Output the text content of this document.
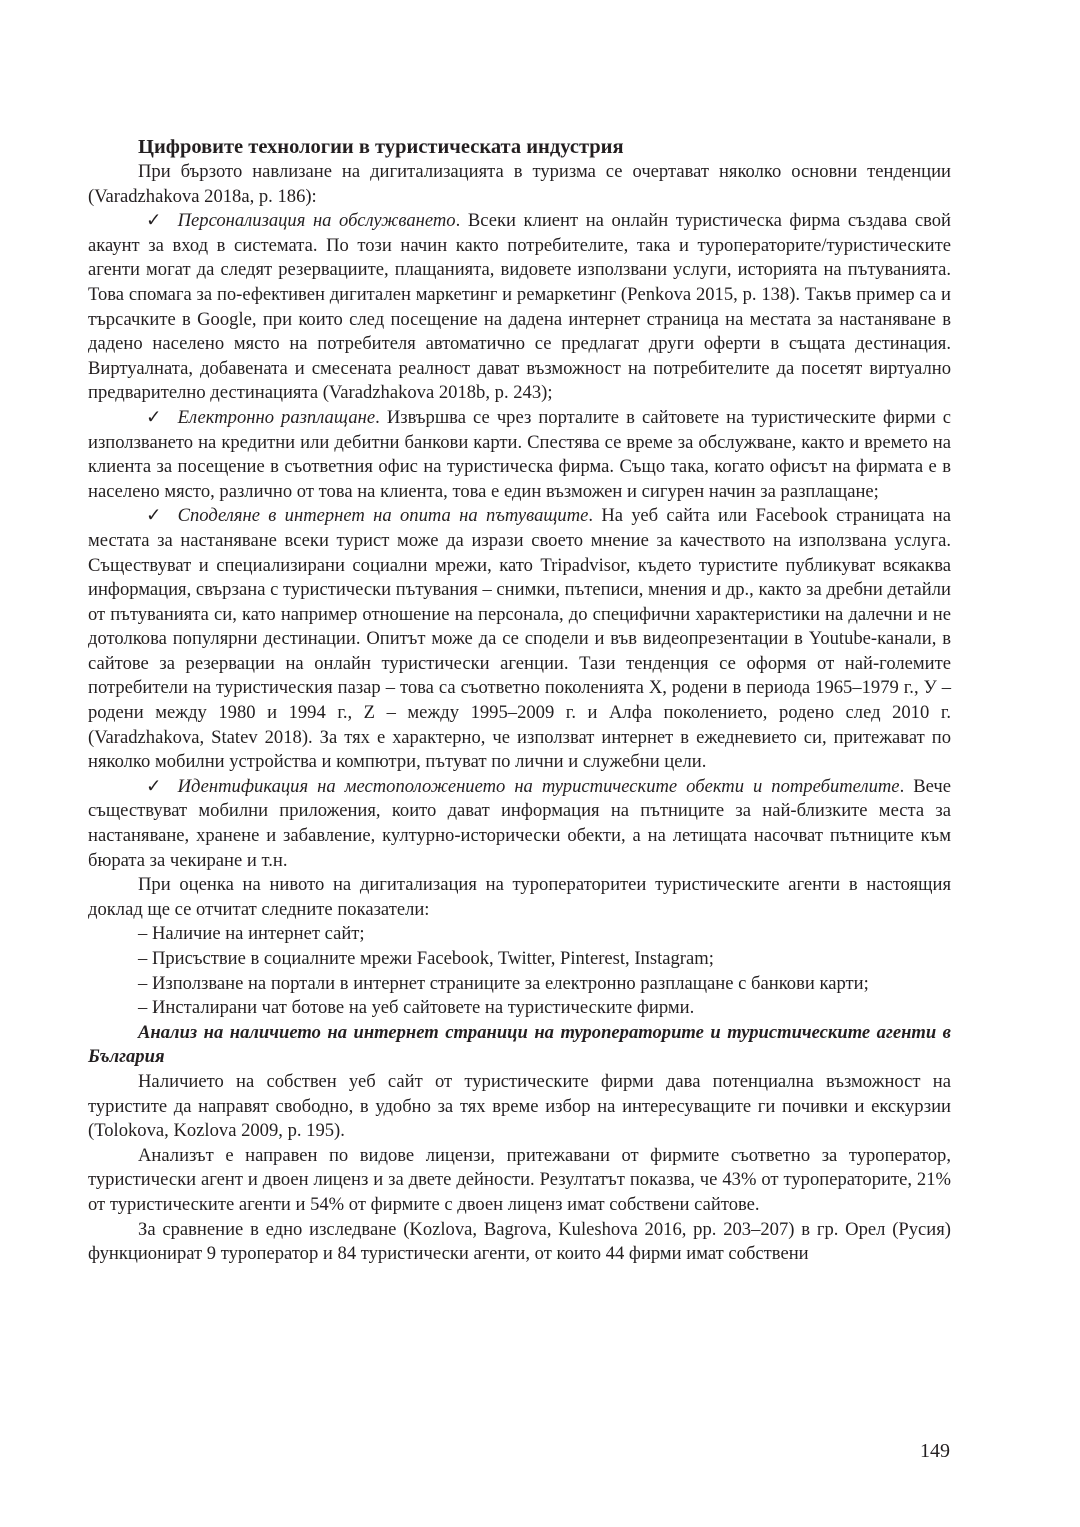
Цифровите технологии в туристическата индустрия

При бързото навлизане на дигитализацията в туризма се очертават няколко основни тенденции (Varadzhakova 2018a, p. 186):

✓ Персонализация на обслужването. Всеки клиент на онлайн туристическа фирма създава свой акаунт за вход в системата. По този начин както потребителите, така и туроператорите/туристическите агенти могат да следят резервациите, плащанията, видовете използвани услуги, историята на пътуванията. Това спомага за по-ефективен дигитален маркетинг и ремаркетинг (Penkova 2015, p. 138). Такъв пример са и търсачките в Google, при които след посещение на дадена интернет страница на местата за настаняване в дадено населено място на потребителя автоматично се предлагат други оферти в същата дестинация. Виртуалната, добавената и смесената реалност дават възможност на потребителите да посетят виртуално предварително дестинацията (Varadzhakova 2018b, p. 243);

✓ Електронно разплащане. Извършва се чрез порталите в сайтовете на туристическите фирми с използването на кредитни или дебитни банкови карти. Спестява се време за обслужване, както и времето на клиента за посещение в съответния офис на туристическа фирма. Също така, когато офисът на фирмата е в населено място, различно от това на клиента, това е един възможен и сигурен начин за разплащане;

✓ Споделяне в интернет на опита на пътуващите. На уеб сайта или Facebook страницата на местата за настаняване всеки турист може да изрази своето мнение за качеството на използвана услуга. Съществуват и специализирани социални мрежи, като Tripadvisor, където туристите публикуват всякаква информация, свързана с туристически пътувания – снимки, пътеписи, мнения и др., както за дребни детайли от пътуванията си, като например отношение на персонала, до специфични характеристики на далечни и не дотолкова популярни дестинации. Опитът може да се сподели и във видеопрезентации в Youtube-канали, в сайтове за резервации на онлайн туристически агенции. Тази тенденция се оформя от най-големите потребители на туристическия пазар – това са съответно поколенията X, родени в периода 1965–1979 г., У – родени между 1980 и 1994 г., Z – между 1995–2009 г. и Алфа поколението, родено след 2010 г. (Varadzhakova, Statev 2018). За тях е характерно, че използват интернет в ежедневието си, притежават по няколко мобилни устройства и компютри, пътуват по лични и служебни цели.

✓ Идентификация на местоположението на туристическите обекти и потребителите. Вече съществуват мобилни приложения, които дават информация на пътниците за най-близките места за настаняване, хранене и забавление, културно-исторически обекти, а на летищата насочват пътниците към бюрата за чекиране и т.н.

При оценка на нивото на дигитализация на туроператоритеи туристическите агенти в настоящия доклад ще се отчитат следните показатели:

– Наличие на интернет сайт;

– Присъствие в социалните мрежи Facebook, Twitter, Pinterest, Instagram;

– Използване на портали в интернет страниците за електронно разплащане с банкови карти;

– Инсталирани чат ботове на уеб сайтовете на туристическите фирми.

Анализ на наличието на интернет страници на туроператорите и туристическите агенти в България

Наличието на собствен уеб сайт от туристическите фирми дава потенциална възможност на туристите да направят свободно, в удобно за тях време избор на интересуващите ги почивки и екскурзии (Tolokova, Kozlova 2009, p. 195).

Анализът е направен по видове лицензи, притежавани от фирмите съответно за туроператор, туристически агент и двоен лиценз и за двете дейности. Резултатът показва, че 43% от туроператорите, 21% от туристическите агенти и 54% от фирмите с двоен лиценз имат собствени сайтове.

За сравнение в едно изследване (Kozlova, Bagrova, Kuleshova 2016, pp. 203–207) в гр. Орел (Русия) функционират 9 туроператор и 84 туристически агенти, от които 44 фирми имат собствени

149
